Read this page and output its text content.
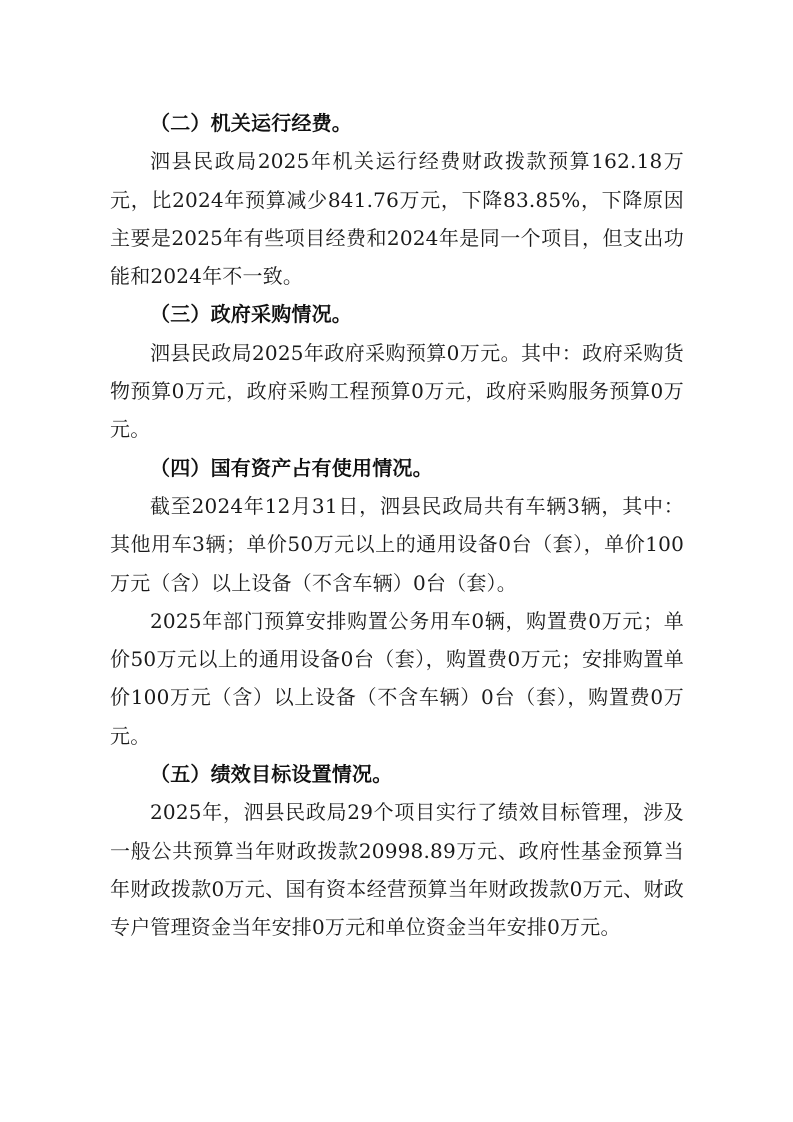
（二）机关运行经费。

泗县民政局2025年机关运行经费财政拨款预算162.18万元，比2024年预算减少841.76万元，下降83.85%，下降原因主要是2025年有些项目经费和2024年是同一个项目，但支出功能和2024年不一致。

（三）政府采购情况。

泗县民政局2025年政府采购预算0万元。其中：政府采购货物预算0万元，政府采购工程预算0万元，政府采购服务预算0万元。

（四）国有资产占有使用情况。

截至2024年12月31日，泗县民政局共有车辆3辆，其中：其他用车3辆；单价50万元以上的通用设备0台（套），单价100万元（含）以上设备（不含车辆）0台（套）。

2025年部门预算安排购置公务用车0辆，购置费0万元；单价50万元以上的通用设备0台（套），购置费0万元；安排购置单价100万元（含）以上设备（不含车辆）0台（套），购置费0万元。

（五）绩效目标设置情况。

2025年，泗县民政局29个项目实行了绩效目标管理，涉及一般公共预算当年财政拨款20998.89万元、政府性基金预算当年财政拨款0万元、国有资本经营预算当年财政拨款0万元、财政专户管理资金当年安排0万元和单位资金当年安排0万元。
